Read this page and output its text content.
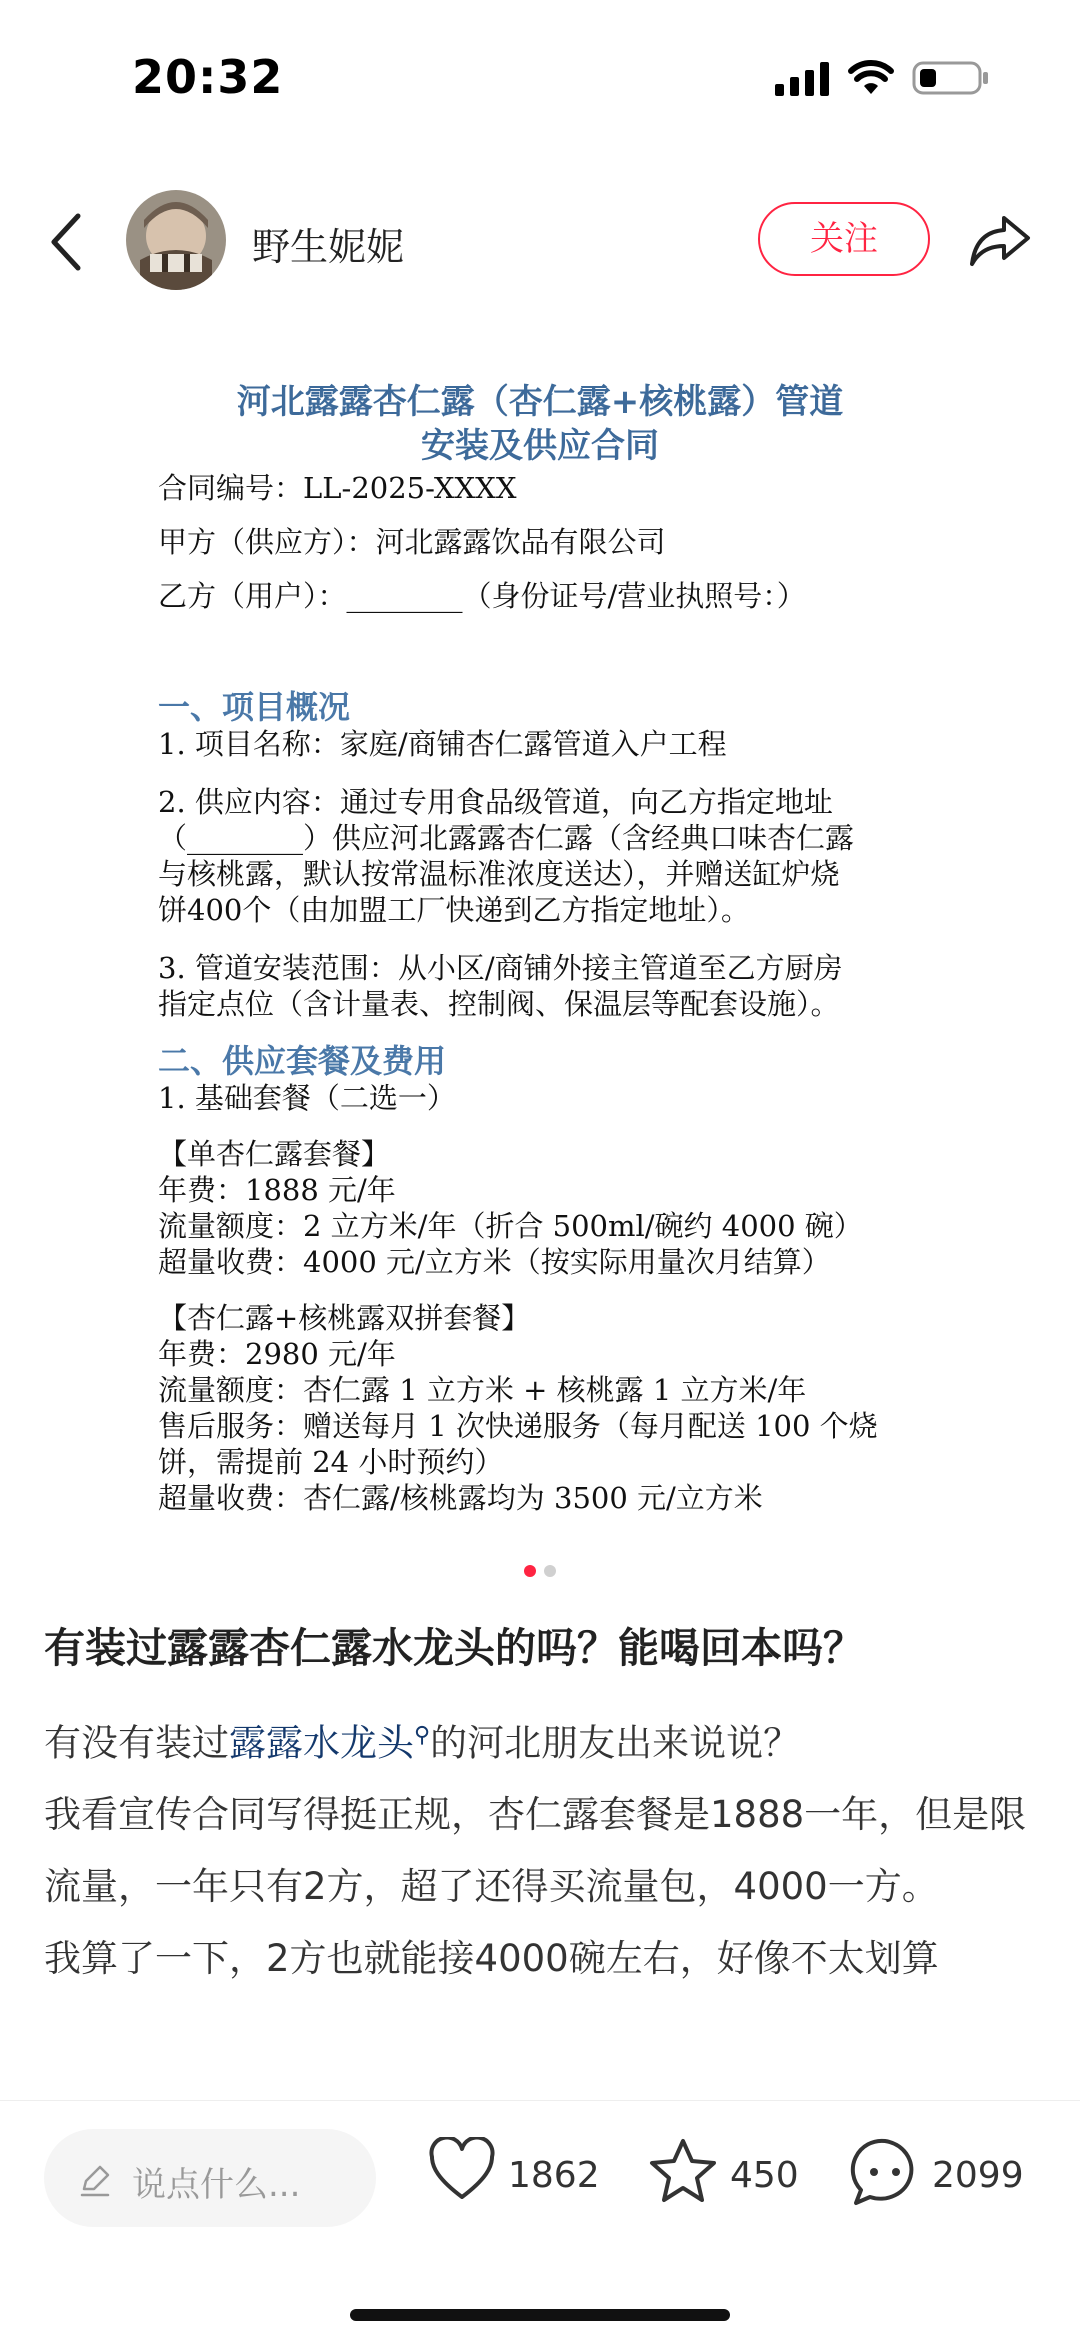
20:32
野生妮妮	关注
河北露露杏仁露（杏仁露+核桃露）管道
安装及供应合同
合同编号：LL-2025-XXXX
甲方（供应方）：河北露露饮品有限公司
乙方（用户）：________（身份证号/营业执照号：）
一、项目概况
1. 项目名称：家庭/商铺杏仁露管道入户工程
2. 供应内容：通过专用食品级管道，向乙方指定地址
（________）供应河北露露杏仁露（含经典口味杏仁露
与核桃露，默认按常温标准浓度送达），并赠送缸炉烧
饼400个（由加盟工厂快递到乙方指定地址）。
3. 管道安装范围：从小区/商铺外接主管道至乙方厨房
指定点位（含计量表、控制阀、保温层等配套设施）。
二、供应套餐及费用
1. 基础套餐（二选一）
【单杏仁露套餐】
年费：1888 元/年
流量额度：2 立方米/年（折合 500ml/碗约 4000 碗）
超量收费：4000 元/立方米（按实际用量次月结算）
【杏仁露+核桃露双拼套餐】
年费：2980 元/年
流量额度：杏仁露 1 立方米 + 核桃露 1 立方米/年
售后服务：赠送每月 1 次快递服务（每月配送 100 个烧
饼，需提前 24 小时预约）
超量收费：杏仁露/核桃露均为 3500 元/立方米
有装过露露杏仁露水龙头的吗？能喝回本吗？

有没有装过露露水龙头⚲的河北朋友出来说说？

我看宣传合同写得挺正规，杏仁露套餐是1888一年，但是限流量，一年只有2方，超了还得买流量包，4000一方。

我算了一下，2方也就能接4000碗左右，好像不太划算

说点什么...	1862	450	2099
